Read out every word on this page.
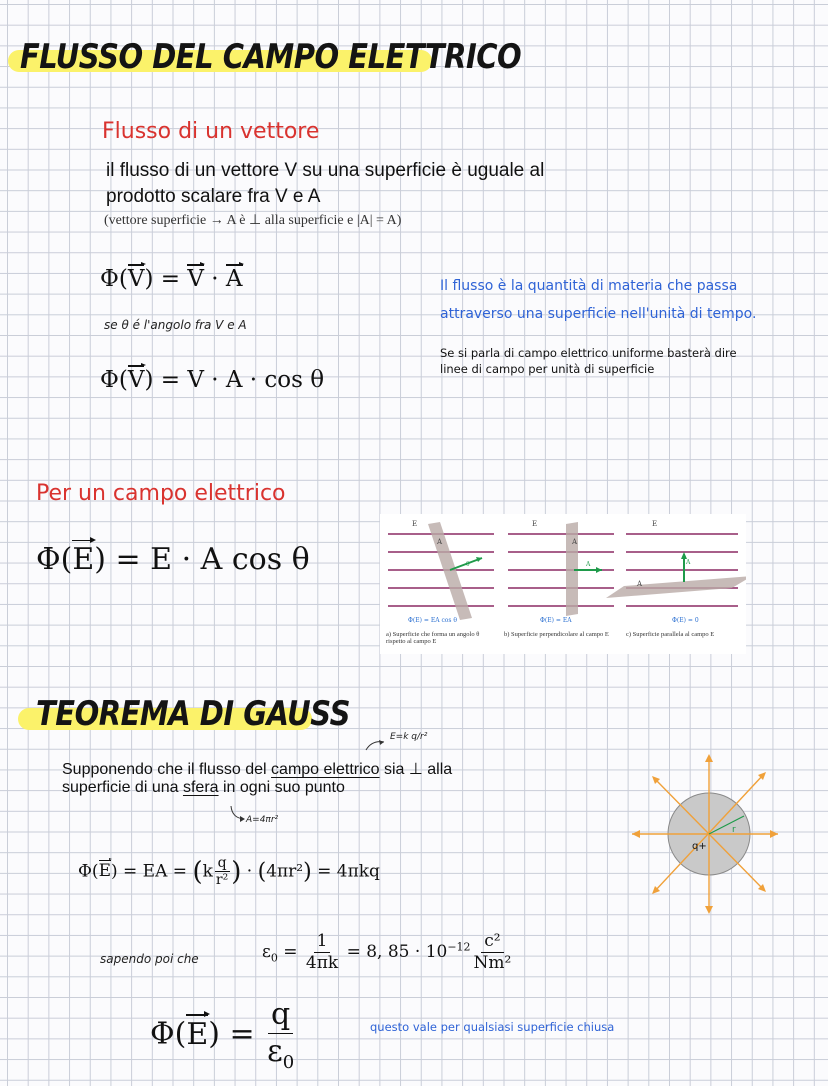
FLUSSO DEL CAMPO ELETTRICO
Flusso di un vettore
il flusso di un vettore V su una superficie è uguale al
prodotto scalare fra V e A
(vettore superficie → A è ⊥ alla superficie e |A| = A)
Φ(V) = V · A
se θ é l'angolo fra V e A
Φ(V) = V · A · cos θ
Il flusso è la quantità di materia che passa
attraverso una superficie nell'unità di tempo.
Se si parla di campo elettrico uniforme basterà dire
linee di campo per unità di superficie
Per un campo elettrico
Φ(E) = E · A cos θ
E
A
θ
Φ(E) = EA cos θ
E
A
A
Φ(E) = EA
E
A
A
Φ(E) = 0
a) Superficie che forma un angolo θ rispetto al campo E
b) Superficie perpendicolare al campo E	c) Superficie parallela al campo E
TEOREMA DI GAUSS
E=k q/r²
Supponendo che il flusso del campo elettrico sia ⊥ alla
superficie di una sfera in ogni suo punto
A=4πr²
Φ(E) = EA = ($k \frac{q}{\text{r²}}$ ) · (4πr²) = 4πkq
sapendo poi che	$\varepsilon_0 = \frac{1}{4\pi k} = 8$, $85 \cdot 10^{-12} \frac{\text{c²}}{\text{Nm²}}$
$\Phi(E) = \frac{q}{\varepsilon_0}$	questo vale per qualsiasi superficie chiusa
r
q+
